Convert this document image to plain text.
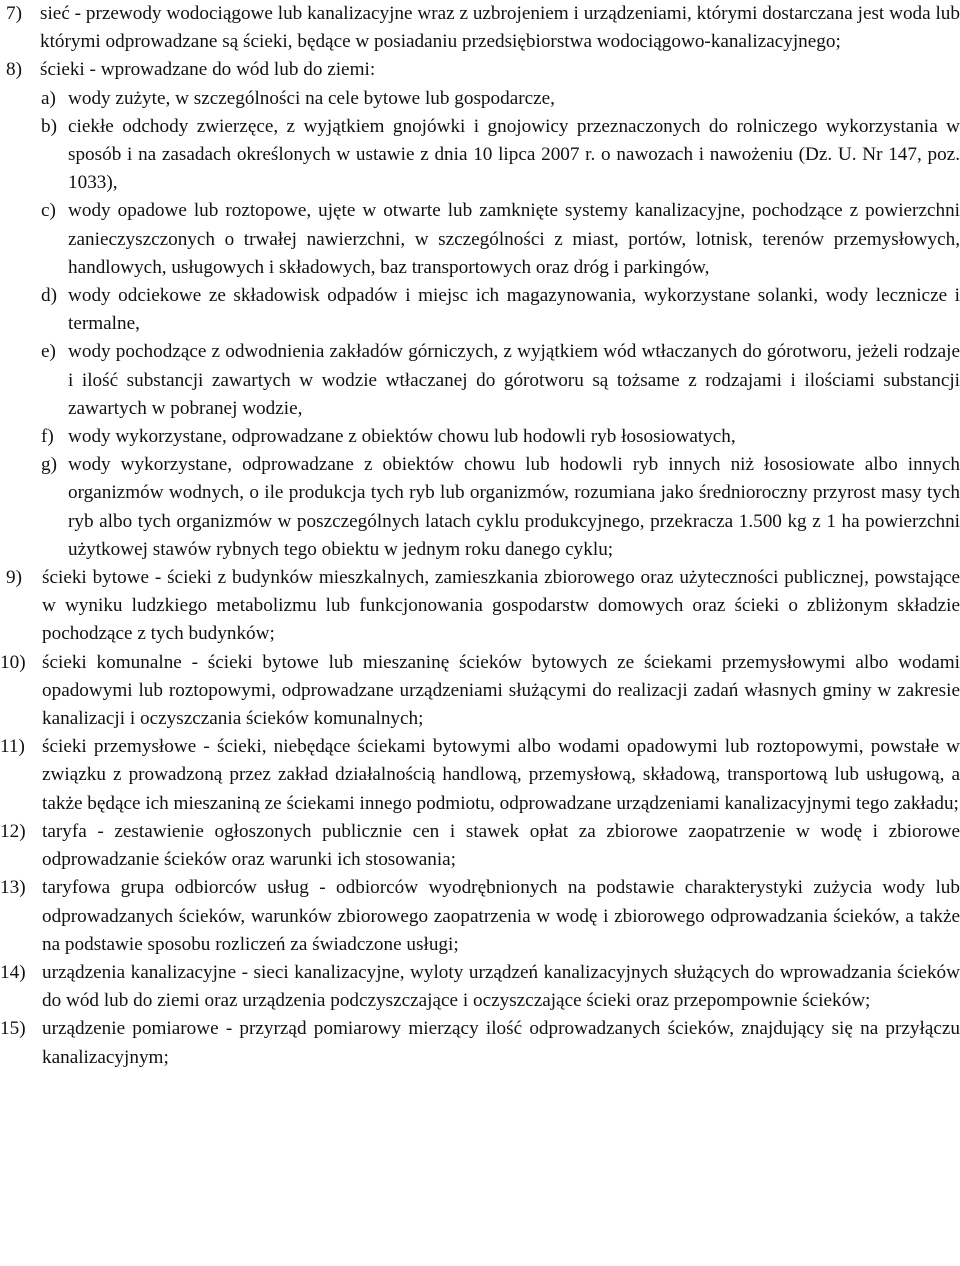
7) sieć - przewody wodociągowe lub kanalizacyjne wraz z uzbrojeniem i urządzeniami, którymi dostarczana jest woda lub którymi odprowadzane są ścieki, będące w posiadaniu przedsiębiorstwa wodociągowo-kanalizacyjnego;
8) ścieki - wprowadzane do wód lub do ziemi:
a) wody zużyte, w szczególności na cele bytowe lub gospodarcze,
b) ciekłe odchody zwierzęce, z wyjątkiem gnojówki i gnojowicy przeznaczonych do rolniczego wykorzystania w sposób i na zasadach określonych w ustawie z dnia 10 lipca 2007 r. o nawozach i nawożeniu (Dz. U. Nr 147, poz. 1033),
c) wody opadowe lub roztopowe, ujęte w otwarte lub zamknięte systemy kanalizacyjne, pochodzące z powierzchni zanieczyszczonych o trwałej nawierzchni, w szczególności z miast, portów, lotnisk, terenów przemysłowych, handlowych, usługowych i składowych, baz transportowych oraz dróg i parkingów,
d) wody odciekowe ze składowisk odpadów i miejsc ich magazynowania, wykorzystane solanki, wody lecznicze i termalne,
e) wody pochodzące z odwodnienia zakładów górniczych, z wyjątkiem wód wtłaczanych do górotworu, jeżeli rodzaje i ilość substancji zawartych w wodzie wtłaczanej do górotworu są tożsame z rodzajami i ilościami substancji zawartych w pobranej wodzie,
f) wody wykorzystane, odprowadzane z obiektów chowu lub hodowli ryb łososiowatych,
g) wody wykorzystane, odprowadzane z obiektów chowu lub hodowli ryb innych niż łososiowate albo innych organizmów wodnych, o ile produkcja tych ryb lub organizmów, rozumiana jako średnioroczny przyrost masy tych ryb albo tych organizmów w poszczególnych latach cyklu produkcyjnego, przekracza 1.500 kg z 1 ha powierzchni użytkowej stawów rybnych tego obiektu w jednym roku danego cyklu;
9) ścieki bytowe - ścieki z budynków mieszkalnych, zamieszkania zbiorowego oraz użyteczności publicznej, powstające w wyniku ludzkiego metabolizmu lub funkcjonowania gospodarstw domowych oraz ścieki o zbliżonym składzie pochodzące z tych budynków;
10) ścieki komunalne - ścieki bytowe lub mieszaninę ścieków bytowych ze ściekami przemysłowymi albo wodami opadowymi lub roztopowymi, odprowadzane urządzeniami służącymi do realizacji zadań własnych gminy w zakresie kanalizacji i oczyszczania ścieków komunalnych;
11) ścieki przemysłowe - ścieki, niebędące ściekami bytowymi albo wodami opadowymi lub roztopowymi, powstałe w związku z prowadzoną przez zakład działalnością handlową, przemysłową, składową, transportową lub usługową, a także będące ich mieszaniną ze ściekami innego podmiotu, odprowadzane urządzeniami kanalizacyjnymi tego zakładu;
12) taryfa - zestawienie ogłoszonych publicznie cen i stawek opłat za zbiorowe zaopatrzenie w wodę i zbiorowe odprowadzanie ścieków oraz warunki ich stosowania;
13) taryfowa grupa odbiorców usług - odbiorców wyodrębnionych na podstawie charakterystyki zużycia wody lub odprowadzanych ścieków, warunków zbiorowego zaopatrzenia w wodę i zbiorowego odprowadzania ścieków, a także na podstawie sposobu rozliczeń za świadczone usługi;
14) urządzenia kanalizacyjne - sieci kanalizacyjne, wyloty urządzeń kanalizacyjnych służących do wprowadzania ścieków do wód lub do ziemi oraz urządzenia podczyszczające i oczyszczające ścieki oraz przepompownie ścieków;
15) urządzenie pomiarowe - przyrząd pomiarowy mierzący ilość odprowadzanych ścieków, znajdujący się na przyłączu kanalizacyjnym;
